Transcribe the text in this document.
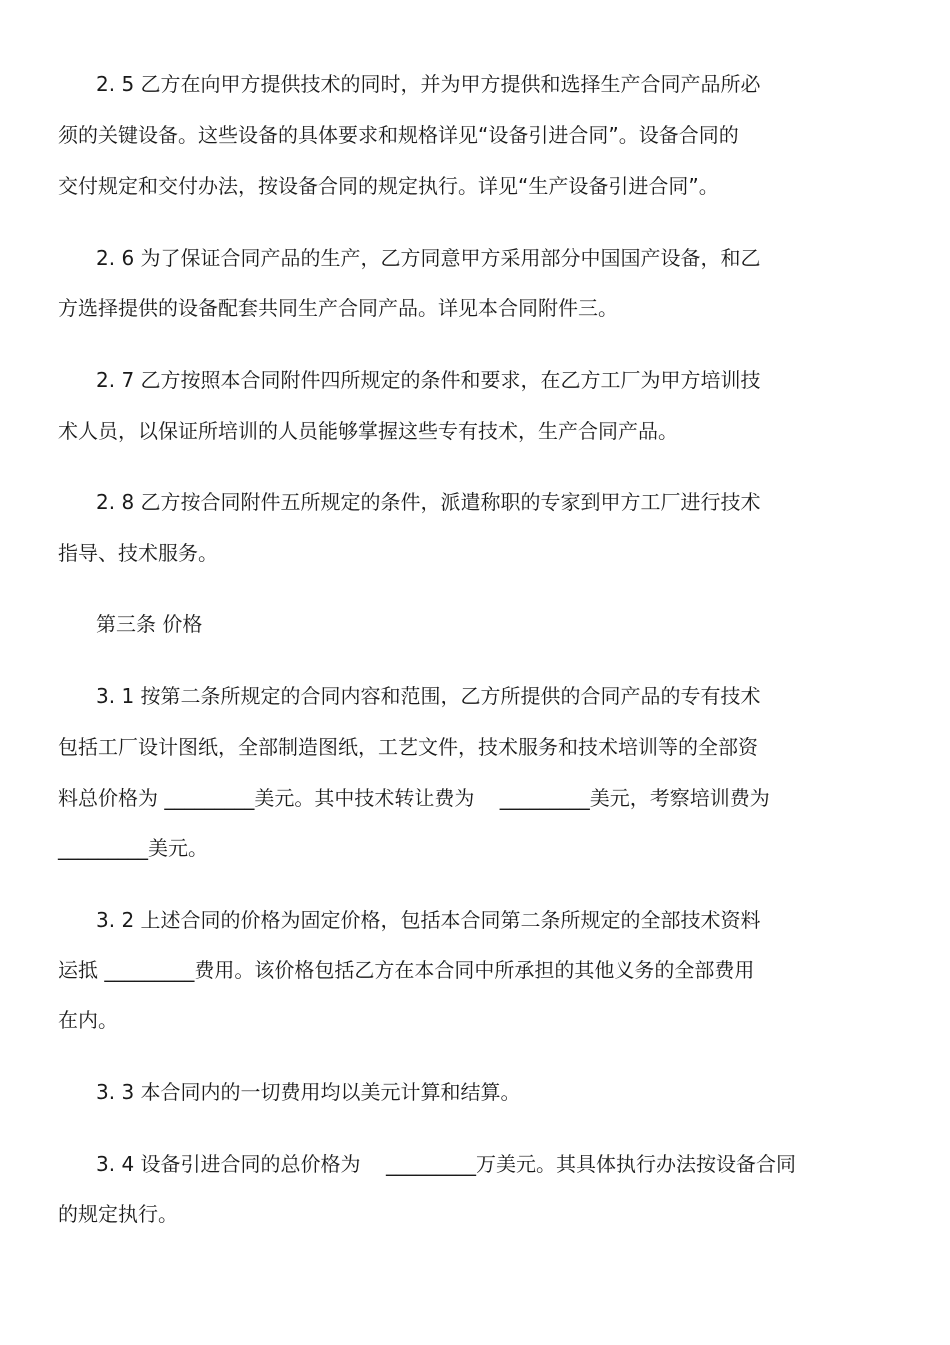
2. 5 乙方在向甲方提供技术的同时，并为甲方提供和选择生产合同产品所必
须的关键设备。这些设备的具体要求和规格详见“设备引进合同”。设备合同的
交付规定和交付办法，按设备合同的规定执行。详见“生产设备引进合同”。
2. 6 为了保证合同产品的生产，乙方同意甲方采用部分中国国产设备，和乙
方选择提供的设备配套共同生产合同产品。详见本合同附件三。
2. 7 乙方按照本合同附件四所规定的条件和要求，在乙方工厂为甲方培训技
术人员，以保证所培训的人员能够掌握这些专有技术，生产合同产品。
2. 8 乙方按合同附件五所规定的条件，派遣称职的专家到甲方工厂进行技术
指导、技术服务。
第三条 价格
3. 1 按第二条所规定的合同内容和范围，乙方所提供的合同产品的专有技术
包括工厂设计图纸，全部制造图纸，工艺文件，技术服务和技术培训等的全部资
料总价格为 _________美元。其中技术转让费为    _________美元，考察培训费为
_________美元。
3. 2 上述合同的价格为固定价格，包括本合同第二条所规定的全部技术资料
运抵 _________费用。该价格包括乙方在本合同中所承担的其他义务的全部费用
在内。
3. 3 本合同内的一切费用均以美元计算和结算。
3. 4 设备引进合同的总价格为    _________万美元。其具体执行办法按设备合同
的规定执行。
